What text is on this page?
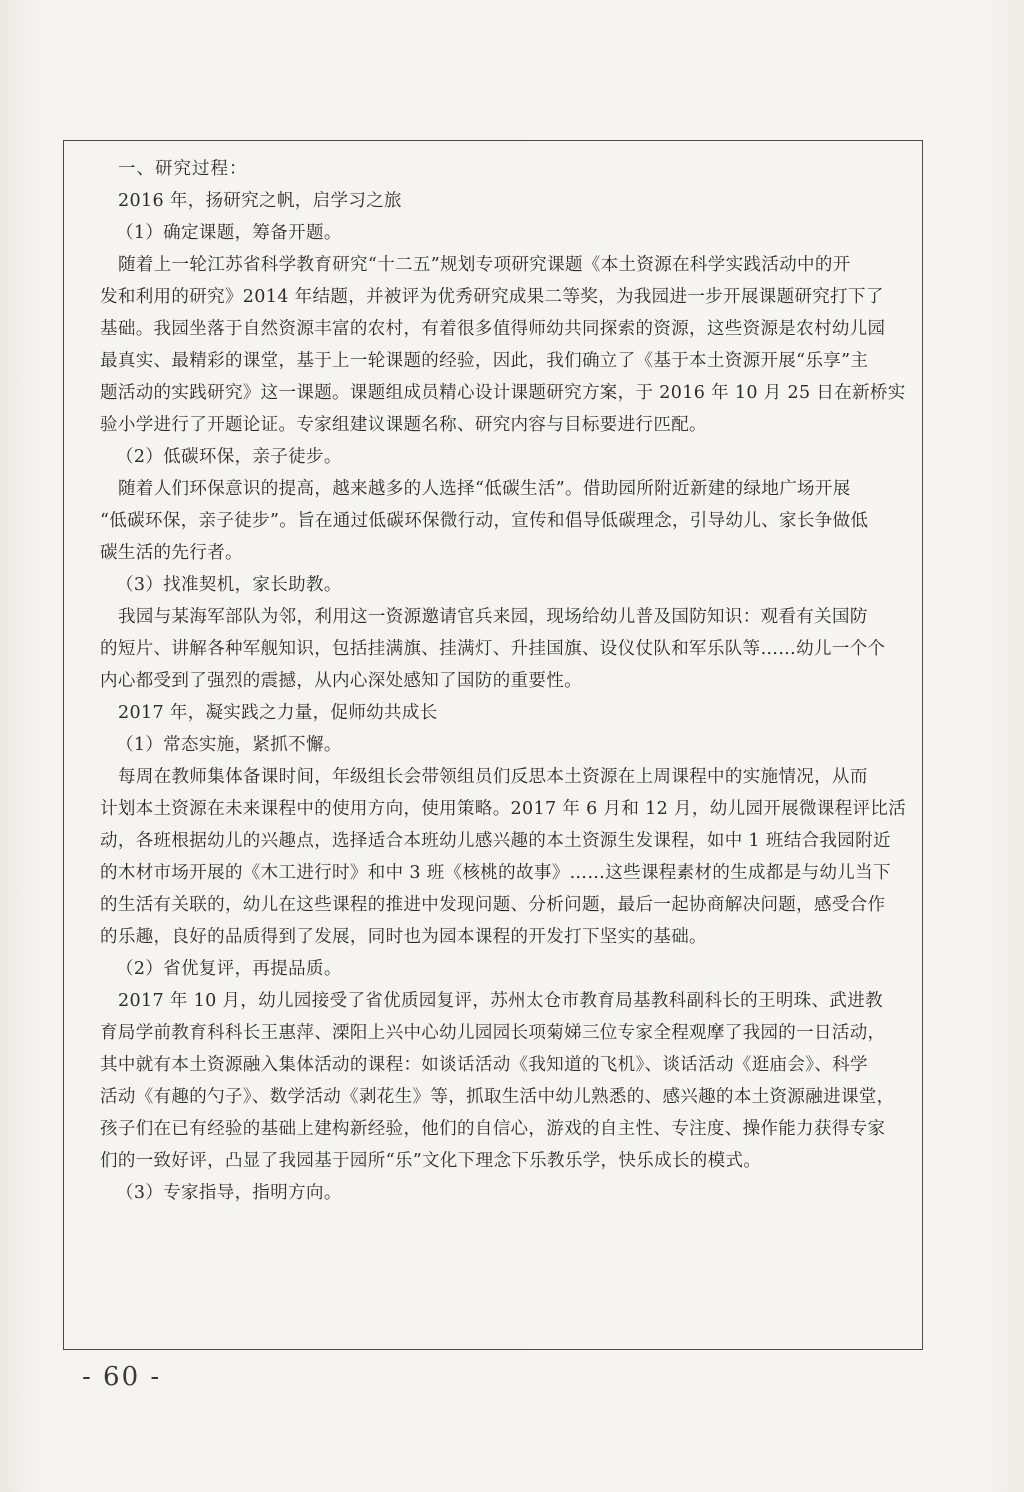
一、研究过程：
2016 年，扬研究之帆，启学习之旅
（1）确定课题，筹备开题。
随着上一轮江苏省科学教育研究“十二五”规划专项研究课题《本土资源在科学实践活动中的开
发和利用的研究》2014 年结题，并被评为优秀研究成果二等奖，为我园进一步开展课题研究打下了
基础。我园坐落于自然资源丰富的农村，有着很多值得师幼共同探索的资源，这些资源是农村幼儿园
最真实、最精彩的课堂，基于上一轮课题的经验，因此，我们确立了《基于本土资源开展“乐享”主
题活动的实践研究》这一课题。课题组成员精心设计课题研究方案，于 2016 年 10 月 25 日在新桥实
验小学进行了开题论证。专家组建议课题名称、研究内容与目标要进行匹配。
（2）低碳环保，亲子徒步。
随着人们环保意识的提高，越来越多的人选择“低碳生活”。借助园所附近新建的绿地广场开展
“低碳环保，亲子徒步”。旨在通过低碳环保微行动，宣传和倡导低碳理念，引导幼儿、家长争做低
碳生活的先行者。
（3）找准契机，家长助教。
我园与某海军部队为邻，利用这一资源邀请官兵来园，现场给幼儿普及国防知识：观看有关国防
的短片、讲解各种军舰知识，包括挂满旗、挂满灯、升挂国旗、设仪仗队和军乐队等……幼儿一个个
内心都受到了强烈的震撼，从内心深处感知了国防的重要性。
2017 年，凝实践之力量，促师幼共成长
（1）常态实施，紧抓不懈。
每周在教师集体备课时间，年级组长会带领组员们反思本土资源在上周课程中的实施情况，从而
计划本土资源在未来课程中的使用方向，使用策略。2017 年 6 月和 12 月，幼儿园开展微课程评比活
动，各班根据幼儿的兴趣点，选择适合本班幼儿感兴趣的本土资源生发课程，如中 1 班结合我园附近
的木材市场开展的《木工进行时》和中 3 班《核桃的故事》……这些课程素材的生成都是与幼儿当下
的生活有关联的，幼儿在这些课程的推进中发现问题、分析问题，最后一起协商解决问题，感受合作
的乐趣，良好的品质得到了发展，同时也为园本课程的开发打下坚实的基础。
（2）省优复评，再提品质。
2017 年 10 月，幼儿园接受了省优质园复评，苏州太仓市教育局基教科副科长的王明珠、武进教
育局学前教育科科长王惠萍、溧阳上兴中心幼儿园园长项菊娣三位专家全程观摩了我园的一日活动，
其中就有本土资源融入集体活动的课程：如谈话活动《我知道的飞机》、谈话活动《逛庙会》、科学
活动《有趣的勺子》、数学活动《剥花生》等，抓取生活中幼儿熟悉的、感兴趣的本土资源融进课堂，
孩子们在已有经验的基础上建构新经验，他们的自信心，游戏的自主性、专注度、操作能力获得专家
们的一致好评，凸显了我园基于园所“乐”文化下理念下乐教乐学，快乐成长的模式。
（3）专家指导，指明方向。
- 60 -
